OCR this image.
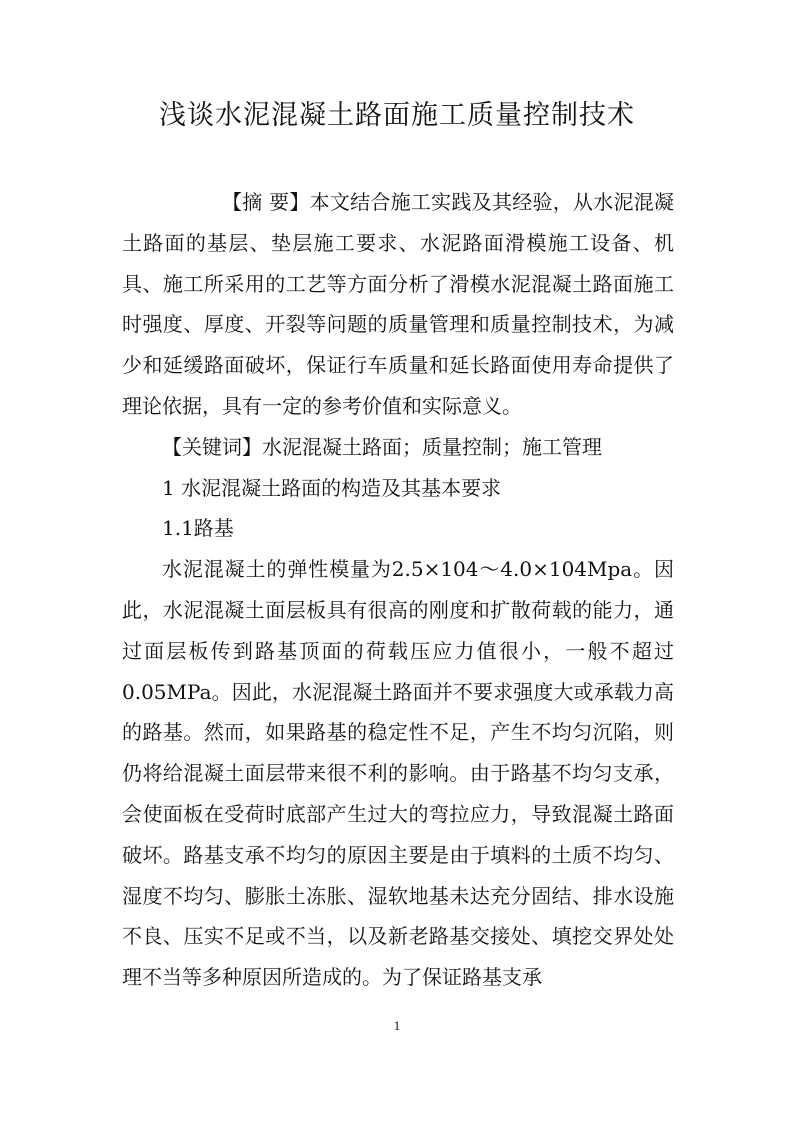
浅谈水泥混凝土路面施工质量控制技术

【摘 要】本文结合施工实践及其经验，从水泥混凝土路面的基层、垫层施工要求、水泥路面滑模施工设备、机具、施工所采用的工艺等方面分析了滑模水泥混凝土路面施工时强度、厚度、开裂等问题的质量管理和质量控制技术，为减少和延缓路面破坏，保证行车质量和延长路面使用寿命提供了理论依据，具有一定的参考价值和实际意义。

【关键词】水泥混凝土路面；质量控制；施工管理

1 水泥混凝土路面的构造及其基本要求

1.1路基

水泥混凝土的弹性模量为2.5×104～4.0×104Mpa。因此，水泥混凝土面层板具有很高的刚度和扩散荷载的能力，通过面层板传到路基顶面的荷载压应力值很小，一般不超过0.05MPa。因此，水泥混凝土路面并不要求强度大或承载力高的路基。然而，如果路基的稳定性不足，产生不均匀沉陷，则仍将给混凝土面层带来很不利的影响。由于路基不均匀支承，会使面板在受荷时底部产生过大的弯拉应力，导致混凝土路面破坏。路基支承不均匀的原因主要是由于填料的土质不均匀、湿度不均匀、膨胀土冻胀、湿软地基未达充分固结、排水设施不良、压实不足或不当，以及新老路基交接处、填挖交界处处理不当等多种原因所造成的。为了保证路基支承

1
